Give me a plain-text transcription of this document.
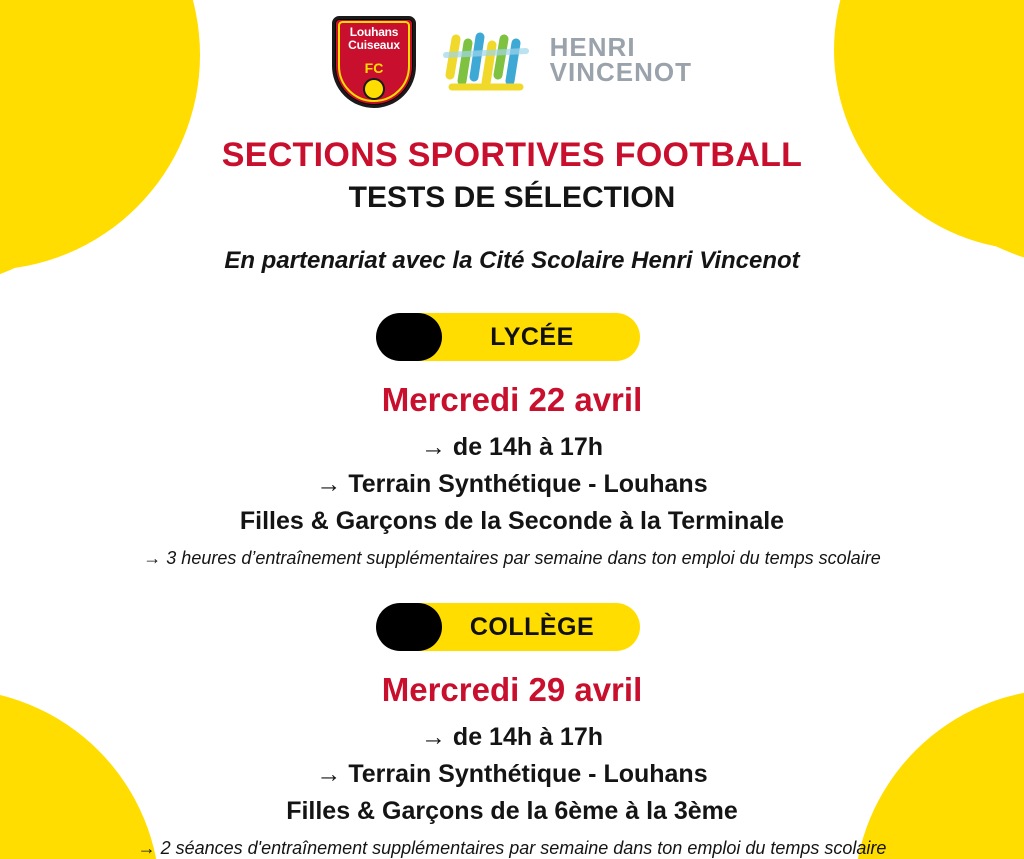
Louhans
Cuiseaux
FC
HENRI
VINCENOT
SECTIONS SPORTIVES FOOTBALL
TESTS DE SÉLECTION
En partenariat avec la Cité Scolaire Henri Vincenot
LYCÉE
Mercredi 22 avril
→ de 14h à 17h
→ Terrain Synthétique - Louhans
Filles & Garçons de la Seconde à la Terminale
→ 3 heures d’entraînement supplémentaires par semaine dans ton emploi du temps scolaire
COLLÈGE
Mercredi 29 avril
→ de 14h à 17h
→ Terrain Synthétique - Louhans
Filles & Garçons de la 6ème à la 3ème
→ 2 séances d'entraînement supplémentaires par semaine dans ton emploi du temps scolaire
